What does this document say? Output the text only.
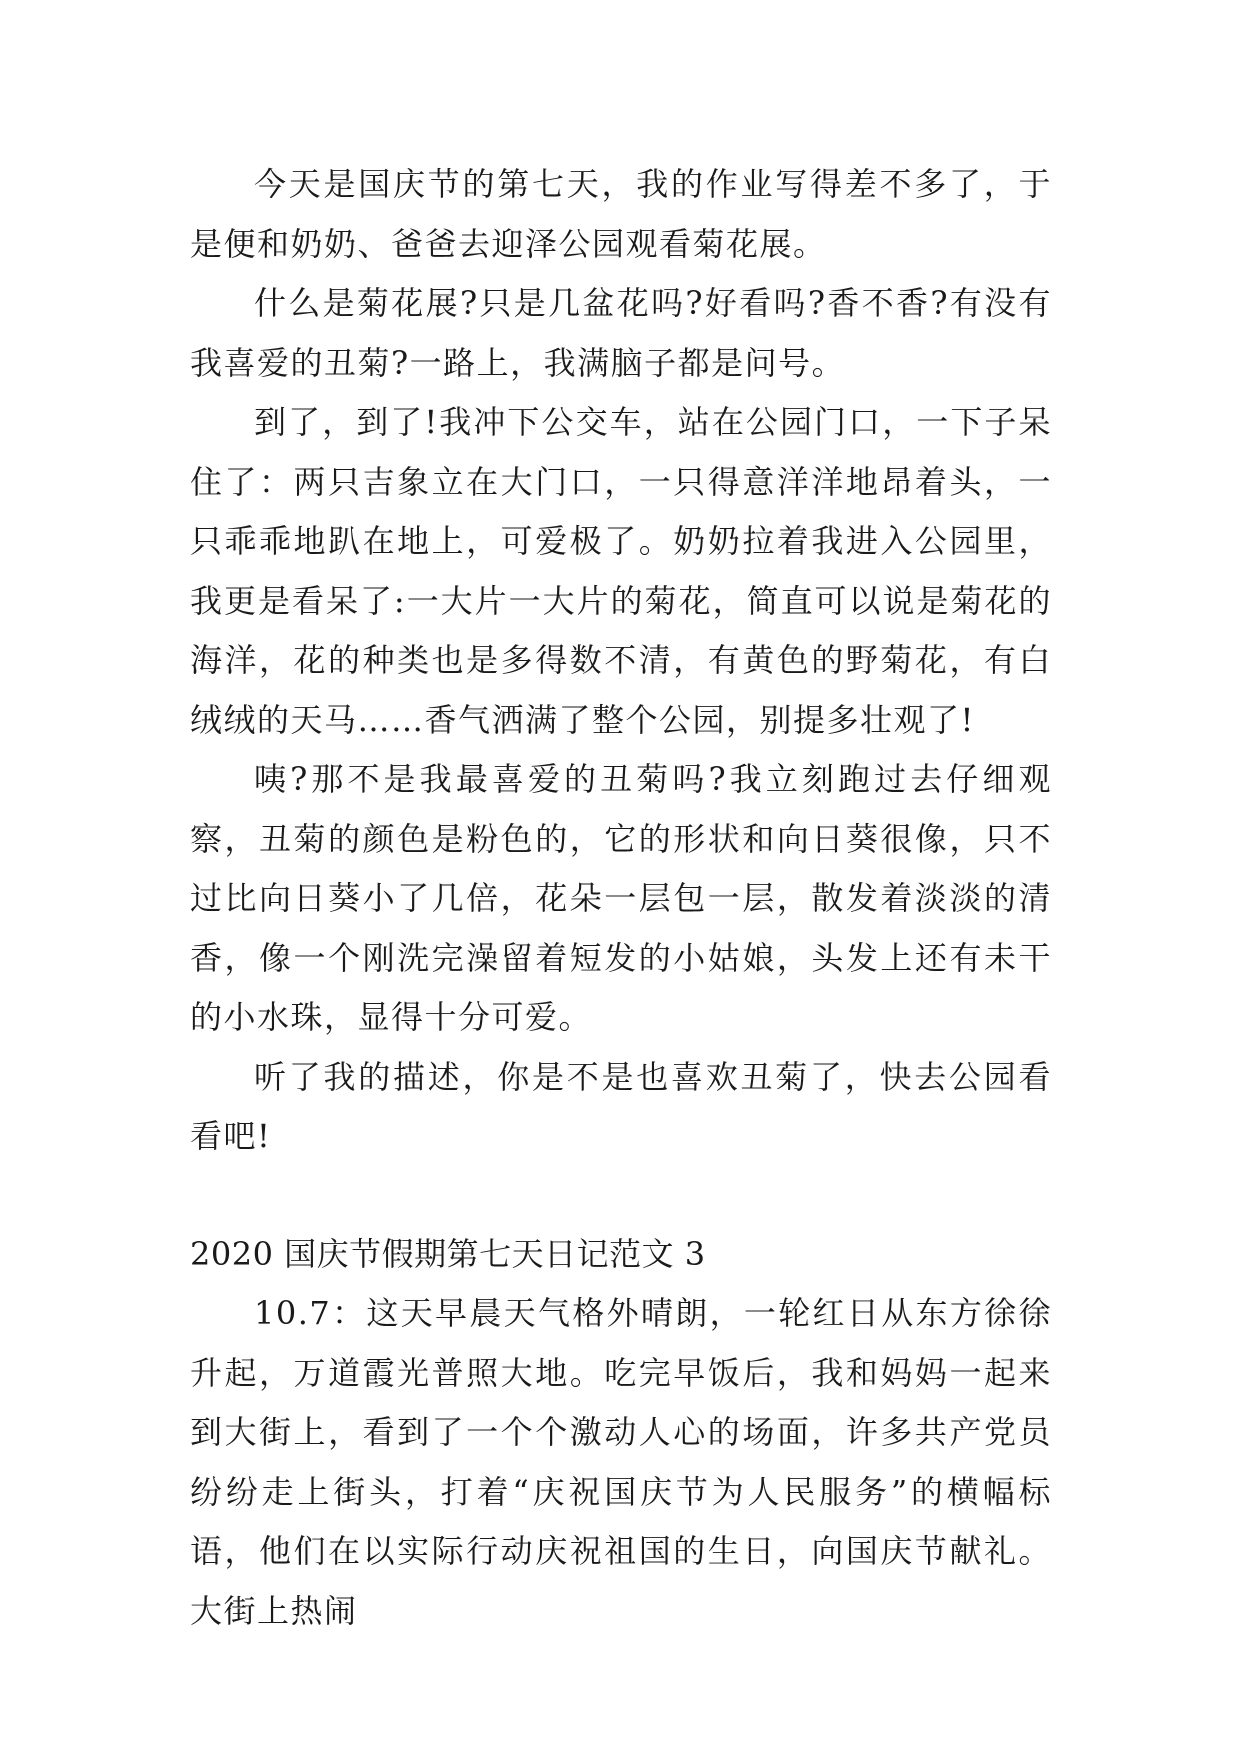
今天是国庆节的第七天，我的作业写得差不多了，于是便和奶奶、爸爸去迎泽公园观看菊花展。

什么是菊花展?只是几盆花吗?好看吗?香不香?有没有我喜爱的丑菊?一路上，我满脑子都是问号。

到了，到了!我冲下公交车，站在公园门口，一下子呆住了：两只吉象立在大门口，一只得意洋洋地昂着头，一只乖乖地趴在地上，可爱极了。奶奶拉着我进入公园里，我更是看呆了:一大片一大片的菊花，简直可以说是菊花的海洋，花的种类也是多得数不清，有黄色的野菊花，有白绒绒的天马……香气洒满了整个公园，别提多壮观了!

咦?那不是我最喜爱的丑菊吗?我立刻跑过去仔细观察，丑菊的颜色是粉色的，它的形状和向日葵很像，只不过比向日葵小了几倍，花朵一层包一层，散发着淡淡的清香，像一个刚洗完澡留着短发的小姑娘，头发上还有未干的小水珠，显得十分可爱。

听了我的描述，你是不是也喜欢丑菊了，快去公园看看吧!

2020 国庆节假期第七天日记范文 3

10.7：这天早晨天气格外晴朗，一轮红日从东方徐徐升起，万道霞光普照大地。吃完早饭后，我和妈妈一起来到大街上，看到了一个个激动人心的场面，许多共产党员纷纷走上街头，打着“庆祝国庆节为人民服务”的横幅标语，他们在以实际行动庆祝祖国的生日，向国庆节献礼。大街上热闹
